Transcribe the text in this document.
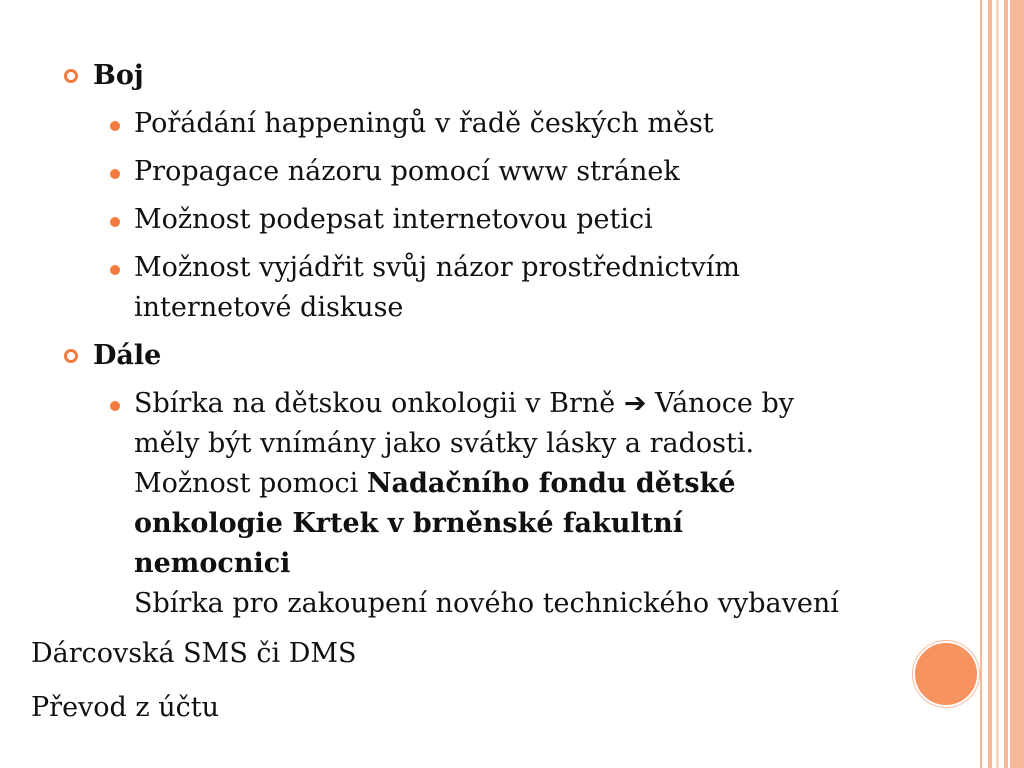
Boj
Pořádání happeningů v řadě českých měst
Propagace názoru pomocí www stránek
Možnost podepsat internetovou petici
Možnost vyjádřit svůj názor prostřednictvím
internetové diskuse
Dále
Sbírka na dětskou onkologii v Brně ➔ Vánoce by
měly být vnímány jako svátky lásky a radosti.
Možnost pomoci Nadačního fondu dětské
onkologie Krtek v brněnské fakultní
nemocnici
Sbírka pro zakoupení nového technického vybavení
Dárcovská SMS či DMS
Převod z účtu
